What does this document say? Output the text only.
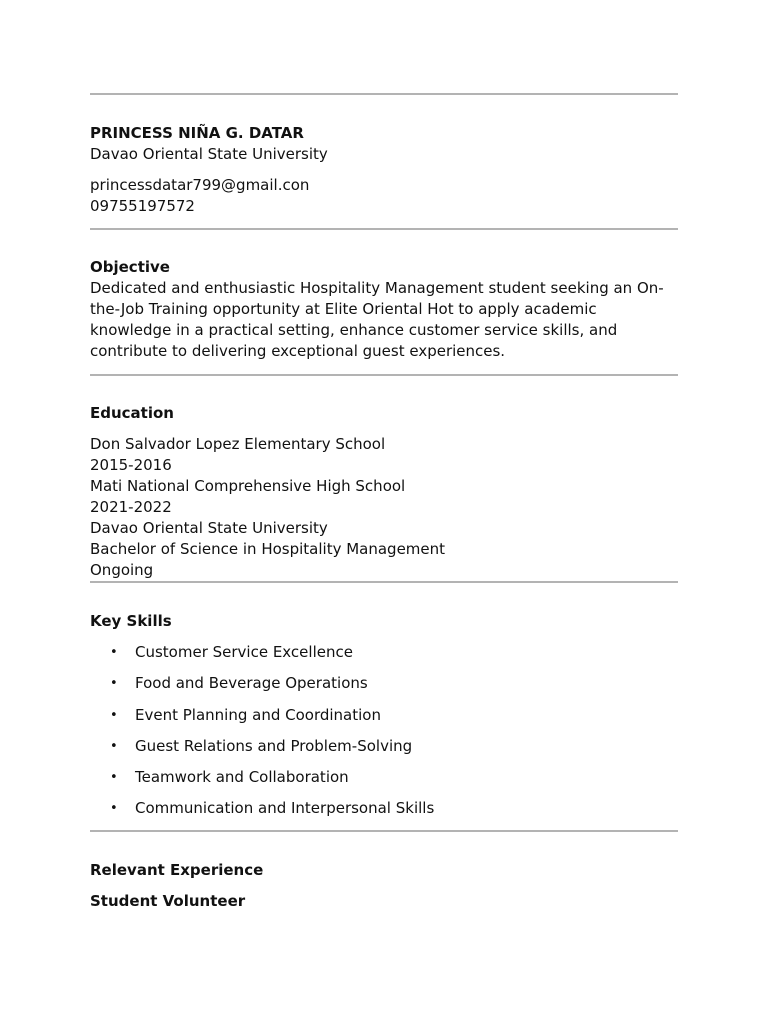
PRINCESS NIÑA G. DATAR
Davao Oriental State University
princessdatar799@gmail.con
09755197572
Objective
Dedicated and enthusiastic Hospitality Management student seeking an On-the-Job Training opportunity at Elite Oriental Hot to apply academic knowledge in a practical setting, enhance customer service skills, and contribute to delivering exceptional guest experiences.
Education
Don Salvador Lopez Elementary School
2015-2016
Mati National Comprehensive High School
2021-2022
Davao Oriental State University
Bachelor of Science in Hospitality Management
Ongoing
Key Skills
• Customer Service Excellence
• Food and Beverage Operations
• Event Planning and Coordination
• Guest Relations and Problem-Solving
• Teamwork and Collaboration
• Communication and Interpersonal Skills
Relevant Experience
Student Volunteer
